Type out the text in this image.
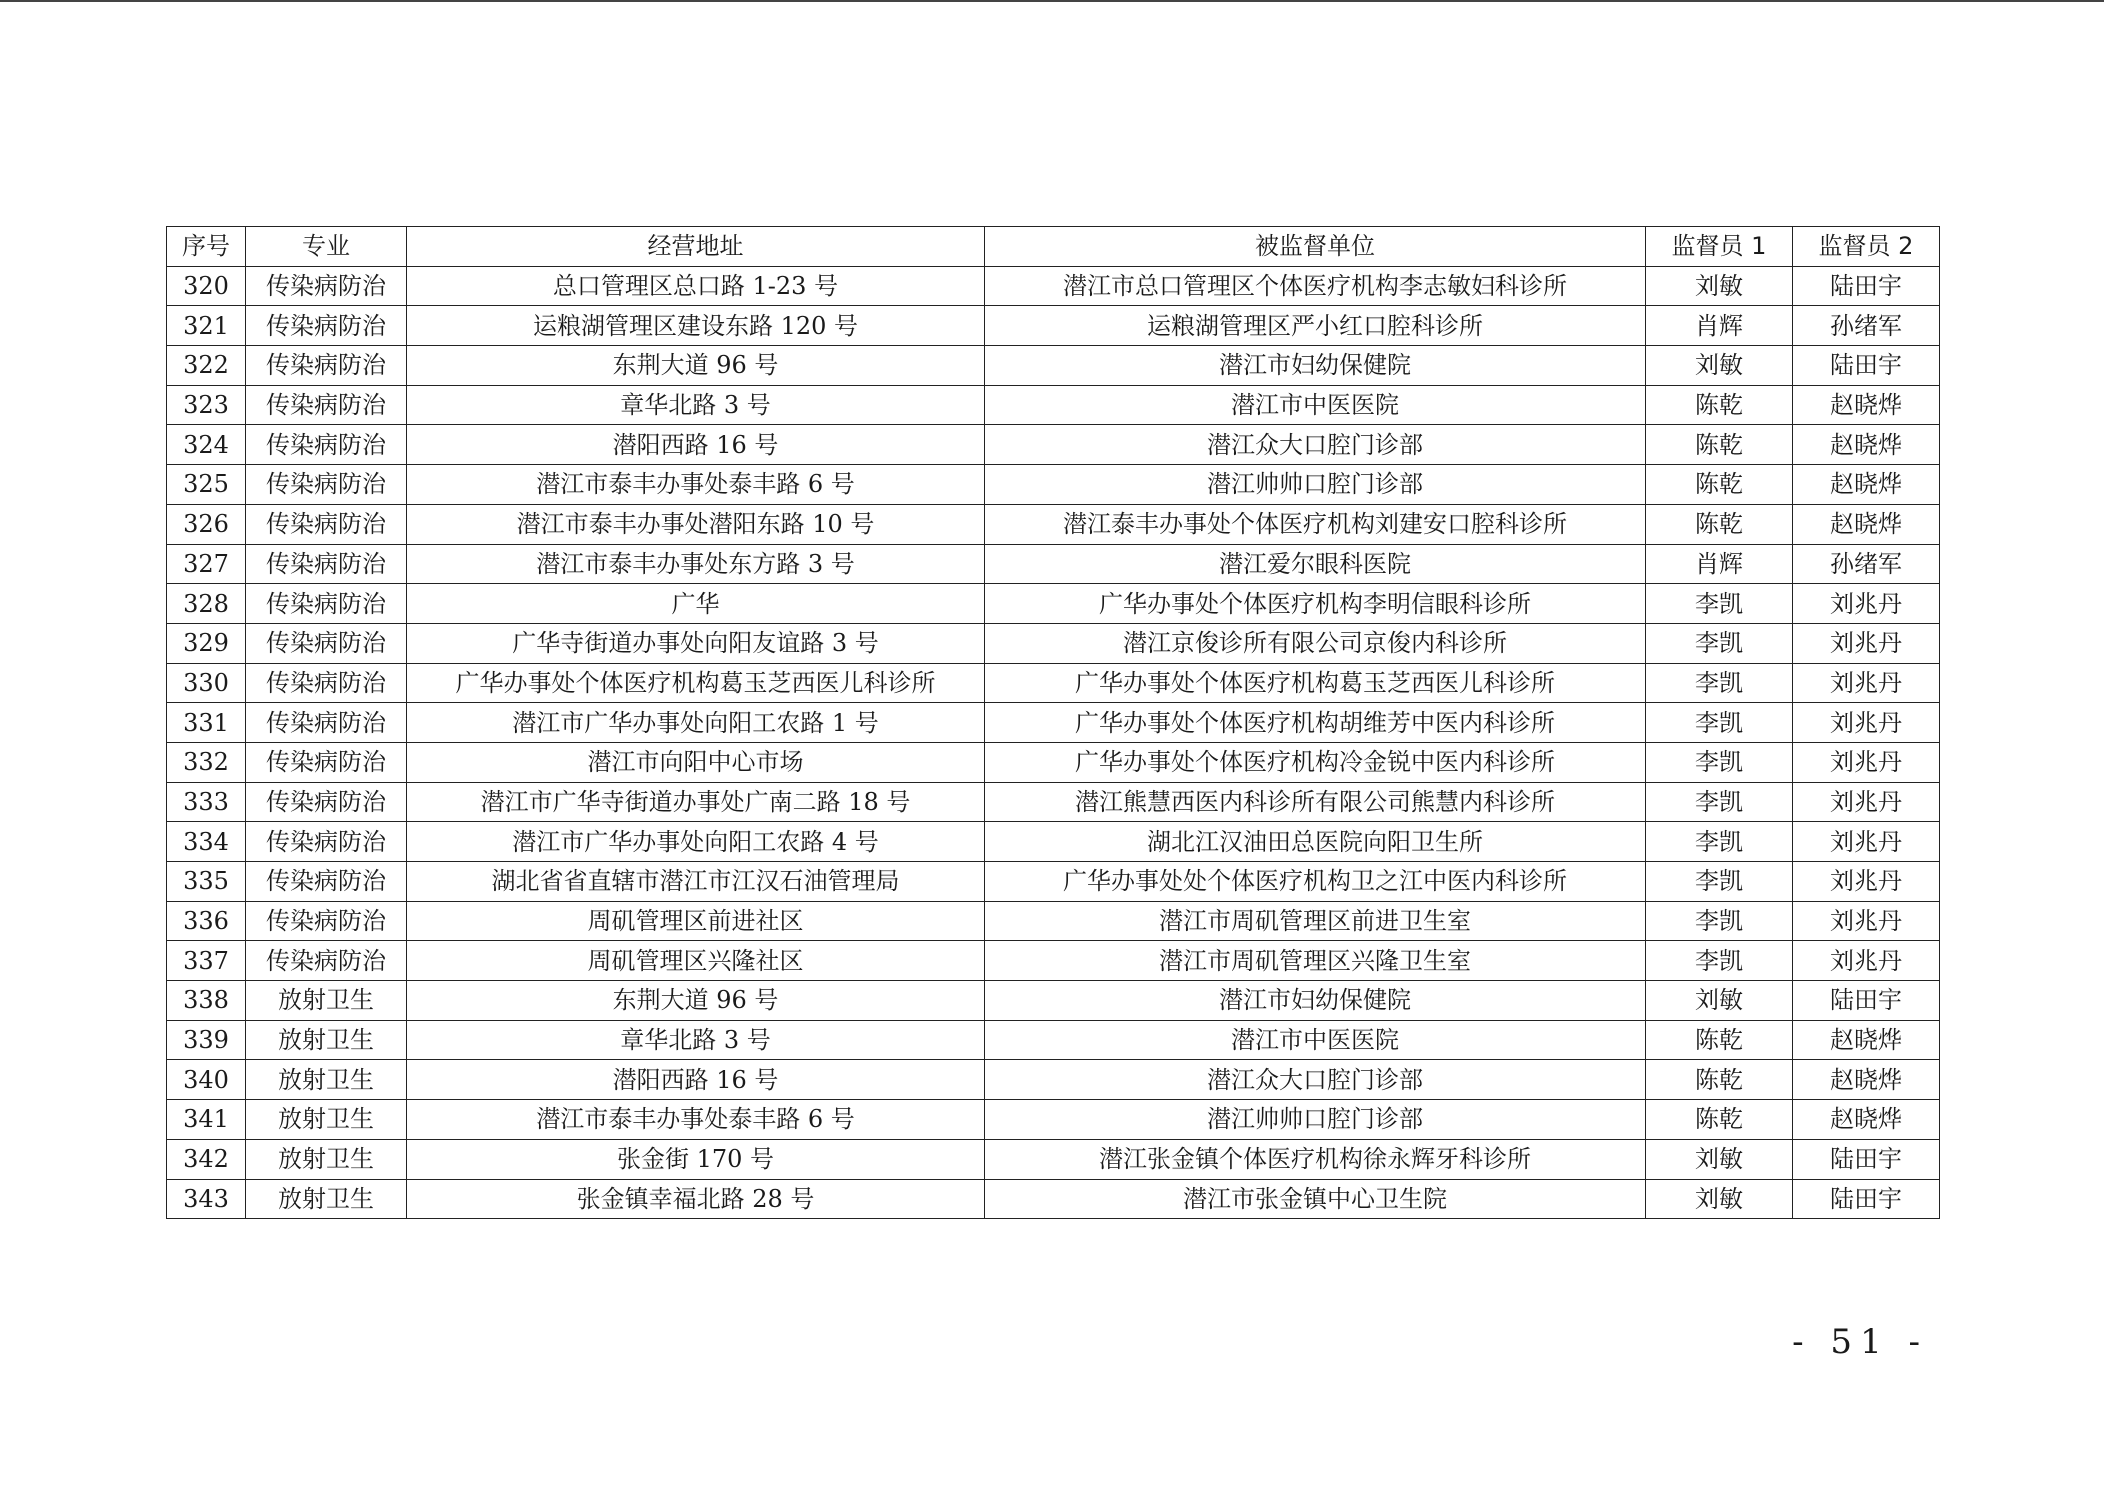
序号	专业	经营地址	被监督单位	监督员 1	监督员 2
320	传染病防治	总口管理区总口路 1-23 号	潜江市总口管理区个体医疗机构李志敏妇科诊所	刘敏	陆田宇
321	传染病防治	运粮湖管理区建设东路 120 号	运粮湖管理区严小红口腔科诊所	肖辉	孙绪军
322	传染病防治	东荆大道 96 号	潜江市妇幼保健院	刘敏	陆田宇
323	传染病防治	章华北路 3 号	潜江市中医医院	陈乾	赵晓烨
324	传染病防治	潜阳西路 16 号	潜江众大口腔门诊部	陈乾	赵晓烨
325	传染病防治	潜江市泰丰办事处泰丰路 6 号	潜江帅帅口腔门诊部	陈乾	赵晓烨
326	传染病防治	潜江市泰丰办事处潜阳东路 10 号	潜江泰丰办事处个体医疗机构刘建安口腔科诊所	陈乾	赵晓烨
327	传染病防治	潜江市泰丰办事处东方路 3 号	潜江爱尔眼科医院	肖辉	孙绪军
328	传染病防治	广华	广华办事处个体医疗机构李明信眼科诊所	李凯	刘兆丹
329	传染病防治	广华寺街道办事处向阳友谊路 3 号	潜江京俊诊所有限公司京俊内科诊所	李凯	刘兆丹
330	传染病防治	广华办事处个体医疗机构葛玉芝西医儿科诊所	广华办事处个体医疗机构葛玉芝西医儿科诊所	李凯	刘兆丹
331	传染病防治	潜江市广华办事处向阳工农路 1 号	广华办事处个体医疗机构胡维芳中医内科诊所	李凯	刘兆丹
332	传染病防治	潜江市向阳中心市场	广华办事处个体医疗机构冷金锐中医内科诊所	李凯	刘兆丹
333	传染病防治	潜江市广华寺街道办事处广南二路 18 号	潜江熊慧西医内科诊所有限公司熊慧内科诊所	李凯	刘兆丹
334	传染病防治	潜江市广华办事处向阳工农路 4 号	湖北江汉油田总医院向阳卫生所	李凯	刘兆丹
335	传染病防治	湖北省省直辖市潜江市江汉石油管理局	广华办事处处个体医疗机构卫之江中医内科诊所	李凯	刘兆丹
336	传染病防治	周矶管理区前进社区	潜江市周矶管理区前进卫生室	李凯	刘兆丹
337	传染病防治	周矶管理区兴隆社区	潜江市周矶管理区兴隆卫生室	李凯	刘兆丹
338	放射卫生	东荆大道 96 号	潜江市妇幼保健院	刘敏	陆田宇
339	放射卫生	章华北路 3 号	潜江市中医医院	陈乾	赵晓烨
340	放射卫生	潜阳西路 16 号	潜江众大口腔门诊部	陈乾	赵晓烨
341	放射卫生	潜江市泰丰办事处泰丰路 6 号	潜江帅帅口腔门诊部	陈乾	赵晓烨
342	放射卫生	张金街 170 号	潜江张金镇个体医疗机构徐永辉牙科诊所	刘敏	陆田宇
343	放射卫生	张金镇幸福北路 28 号	潜江市张金镇中心卫生院	刘敏	陆田宇
- 51 -
